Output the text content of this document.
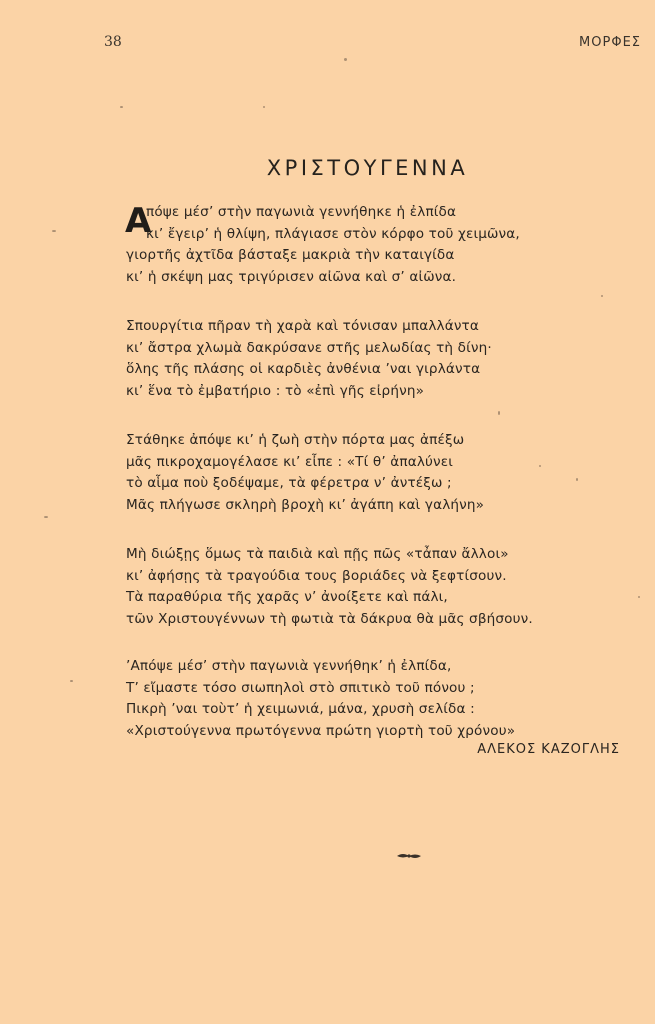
38	ΜΟΡΦΕΣ
ΧΡΙΣΤΟΥΓΕΝΝΑ
A
πόψε μέσ’ στὴν παγωνιὰ γεννήθηκε ἡ ἐλπίδα
κι’ ἔγειρ’ ἡ θλίψη, πλάγιασε στὸν κόρφο τοῦ χειμῶνα,
γιορτῆς ἀχτῖδα βάσταξε μακριὰ τὴν καταιγίδα
κι’ ἡ σκέψη μας τριγύρισεν αἰῶνα καὶ σ’ αἰῶνα.
Σπουργίτια πῆραν τὴ χαρὰ καὶ τόνισαν μπαλλάντα
κι’ ἄστρα χλωμὰ δακρύσανε στῆς μελωδίας τὴ δίνη·
ὅλης τῆς πλάσης οἱ καρδιὲς ἀνθένια ’ναι γιρλάντα
κι’ ἕνα τὸ ἐμβατήριο : τὸ «ἐπὶ γῆς εἰρήνη»
Στάθηκε ἀπόψε κι’ ἡ ζωὴ στὴν πόρτα μας ἀπέξω
μᾶς πικροχαμογέλασε κι’ εἶπε : «Τί θ’ ἀπαλύνει
τὸ αἷμα ποὺ ξοδέψαμε, τὰ φέρετρα ν’ ἀντέξω ;
Μᾶς πλήγωσε σκληρὴ βροχὴ κι’ ἀγάπη καὶ γαλήνη»
Μὴ διώξῃς ὅμως τὰ παιδιὰ καὶ πῇς πῶς «τἆπαν ἄλλοι»
κι’ ἀφήσῃς τὰ τραγούδια τους βοριάδες νὰ ξεφτίσουν.
Τὰ παραθύρια τῆς χαρᾶς ν’ ἀνοίξετε καὶ πάλι,
τῶν Χριστουγέννων τὴ φωτιὰ τὰ δάκρυα θὰ μᾶς σβήσουν.
’Απόψε μέσ’ στὴν παγωνιὰ γεννήθηκ’ ἡ ἐλπίδα,
Τ’ εἴμαστε τόσο σιωπηλοὶ στὸ σπιτικὸ τοῦ πόνου ;
Πικρὴ ’ναι τοὺτ’ ἡ χειμωνιά, μάνα, χρυσὴ σελίδα :
«Χριστούγεννα πρωτόγεννα πρώτη γιορτὴ τοῦ χρόνου»
ΑΛΕΚΟΣ ΚΑΖΟΓΛΗΣ
